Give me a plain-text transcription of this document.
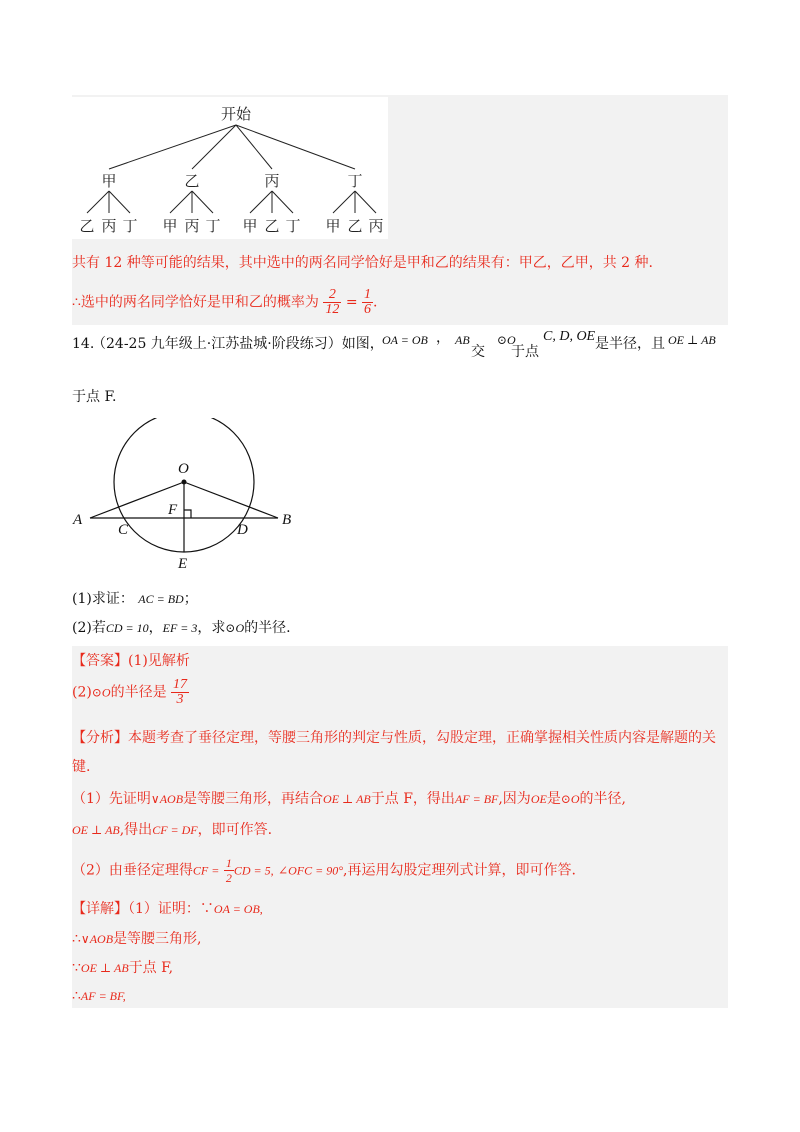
开始
甲	乙	丙	丁
乙 丙 丁 甲 丙 丁 甲 乙 丁 甲 乙 丙
共有 12 种等可能的结果，其中选中的两名同学恰好是甲和乙的结果有：甲乙，乙甲，共 2 种.
∴选中的两名同学恰好是甲和乙的概率为 $\frac{2}{12} = \frac{1}{6}$ .
14.
（24-25 九年级上·江苏盐城·阶段练习）如图，
OA = OB ， AB
交
⊙O
于点
C, D, OE 是半径，且 OE ⊥ AB
于点 F.
O
A	B
C	D
E
F
(1)求证： AC = BD；
(2)若CD = 10，EF = 3，求⊙O的半径.
【答案】(1)见解析
(2)⊙O的半径是 $\frac{17}{3}$
【分析】本题考查了垂径定理，等腰三角形的判定与性质，勾股定理，正确掌握相关性质内容是解题的关
键.
（1）先证明∨AOB是等腰三角形，再结合OE ⊥ AB于点 F，得出AF = BF,因为OE是⊙O的半径,
OE ⊥ AB,得出CF = DF，即可作答.
（2）由垂径定理得CF = $\frac{1}{2}$ CD = 5, ∠OFC = 90°,再运用勾股定理列式计算，即可作答.
【详解】（1）证明：∵OA = OB,
∴∨AOB是等腰三角形,
∵OE ⊥ AB于点 F,
∴AF = BF,
